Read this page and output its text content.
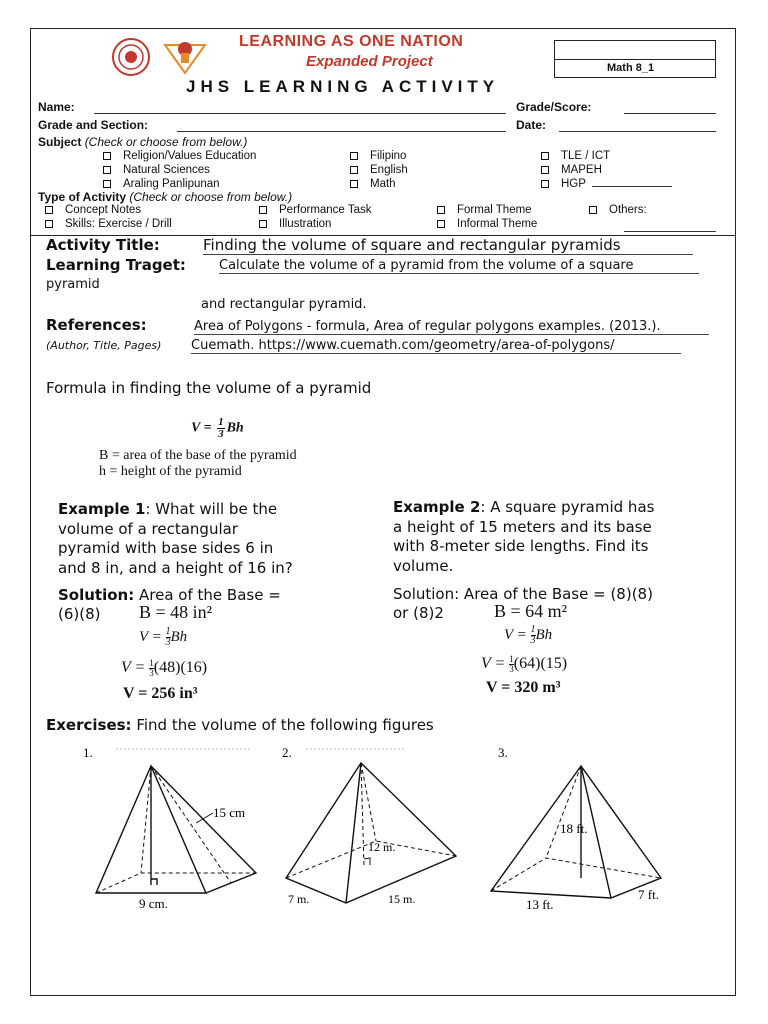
LEARNING AS ONE NATION
Expanded Project
JHS LEARNING ACTIVITY
Math 8_1
Name:	Grade/Score:
Grade and Section:	Date:
Subject (Check or choose from below.)
Religion/Values Education
Natural Sciences
Araling Panlipunan
Filipino
English
Math
TLE / ICT
MAPEH
HGP
Type of Activity (Check or choose from below.)
Concept Notes	Performance Task	Formal Theme	Others:
Skills: Exercise / Drill	Illustration	Informal Theme
Activity Title:	Finding the volume of square and rectangular pyramids
Learning Traget:	Calculate the volume of a pyramid from the volume of a square
pyramid
and rectangular pyramid.
References:	Area of Polygons - formula, Area of regular polygons examples. (2013.).
(Author, Title, Pages) Cuemath. https://www.cuemath.com/geometry/area-of-polygons/
Formula in finding the volume of a pyramid
$V = \frac{1}{3}$ Bh
B = area of the base of the pyramid
h = height of the pyramid
Example 1: What will be the
volume of a rectangular
pyramid with base sides 6 in
and 8 in, and a height of 16 in?
Solution: Area of the Base =
(6)(8) B = 48 in²
$V = \frac{1}{3}$ Bh
$V = \frac{1}{3} (48)(16)$
V = 256 in³
Example 2: A square pyramid has
a height of 15 meters and its base
with 8-meter side lengths. Find its
volume.
Solution: Area of the Base = (8)(8)
or (8)2	B = 64 m²
$V = \frac{1}{3}$ Bh
$V = \frac{1}{3} (64)(15)$
V = 320 m³
Exercises: Find the volume of the following figures
1.
15 cm
9 cm.
2.
12 m.
7 m.	15 m.
3.
18 ft.
13 ft.
7 ft.
